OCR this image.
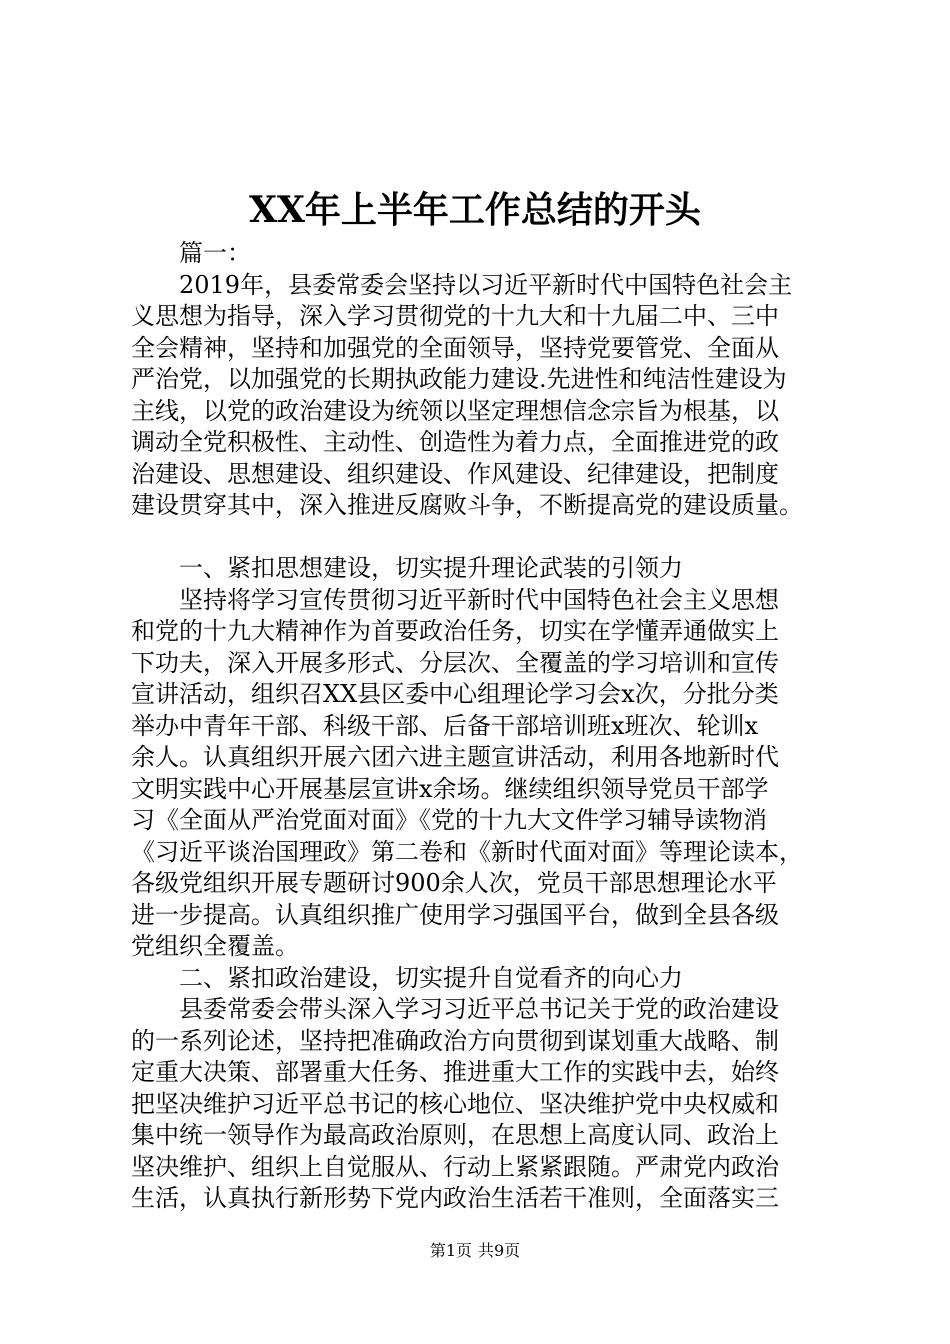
XX年上半年工作总结的开头
篇一：
2019年，县委常委会坚持以习近平新时代中国特色社会主
义思想为指导，深入学习贯彻党的十九大和十九届二中、三中
全会精神，坚持和加强党的全面领导，坚持党要管党、全面从
严治党，以加强党的长期执政能力建设.先进性和纯洁性建设为
主线，以党的政治建设为统领以坚定理想信念宗旨为根基，以
调动全党积极性、主动性、创造性为着力点，全面推进党的政
治建设、思想建设、组织建设、作风建设、纪律建设，把制度
建设贯穿其中，深入推进反腐败斗争，不断提高党的建设质量。
一、紧扣思想建设，切实提升理论武装的引领力
坚持将学习宣传贯彻习近平新时代中国特色社会主义思想
和党的十九大精神作为首要政治任务，切实在学懂弄通做实上
下功夫，深入开展多形式、分层次、全覆盖的学习培训和宣传
宣讲活动，组织召XX县区委中心组理论学习会x次，分批分类
举办中青年干部、科级干部、后备干部培训班x班次、轮训x
余人。认真组织开展六团六进主题宣讲活动，利用各地新时代
文明实践中心开展基层宣讲x余场。继续组织领导党员干部学
习《全面从严治党面对面》《党的十九大文件学习辅导读物消
《习近平谈治国理政》第二卷和《新时代面对面》等理论读本，
各级党组织开展专题研讨900余人次，党员干部思想理论水平
进一步提高。认真组织推广使用学习强国平台，做到全县各级
党组织全覆盖。
二、紧扣政治建设，切实提升自觉看齐的向心力
县委常委会带头深入学习习近平总书记关于党的政治建设
的一系列论述，坚持把准确政治方向贯彻到谋划重大战略、制
定重大决策、部署重大任务、推进重大工作的实践中去，始终
把坚决维护习近平总书记的核心地位、坚决维护党中央权威和
集中统一领导作为最高政治原则，在思想上高度认同、政治上
坚决维护、组织上自觉服从、行动上紧紧跟随。严肃党内政治
生活，认真执行新形势下党内政治生活若干准则，全面落实三
第1页 共9页
